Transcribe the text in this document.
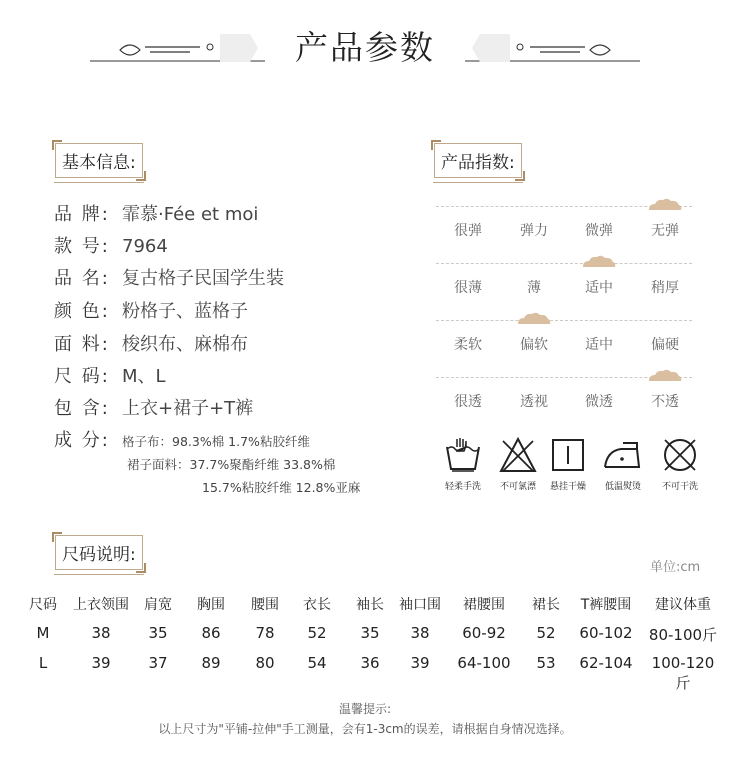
产品参数
基本信息:
品 牌: 霏慕·Fée et moi
款 号: 7964
品 名: 复古格子民国学生装
颜 色: 粉格子、蓝格子
面 料: 梭织布、麻棉布
尺 码: M、L
包 含: 上衣+裙子+T裤
成 分: 格子布：98.3%棉 1.7%粘胶纤维
裙子面料：37.7%聚酯纤维 33.8%棉
15.7%粘胶纤维 12.8%亚麻
产品指数:
很弹	弹力	微弹	无弹
很薄	薄	适中	稍厚
柔软	偏软	适中	偏硬
很透	透视	微透	不透
轻柔手洗	不可氯漂	悬挂干燥	低温熨烫	不可干洗
尺码说明:
单位:cm
尺码	上衣领围	肩宽	胸围	腰围	衣长	袖长	袖口围	裙腰围	裙长	T裤腰围	建议体重
M	38	35	86	78	52	35	38	60-92	52	60-102	80-100斤
L	39	37	89	80	54	36	39	64-100	53	62-104	100-120斤
温馨提示:
以上尺寸为"平铺-拉伸"手工测量，会有1-3cm的误差，请根据自身情况选择。
